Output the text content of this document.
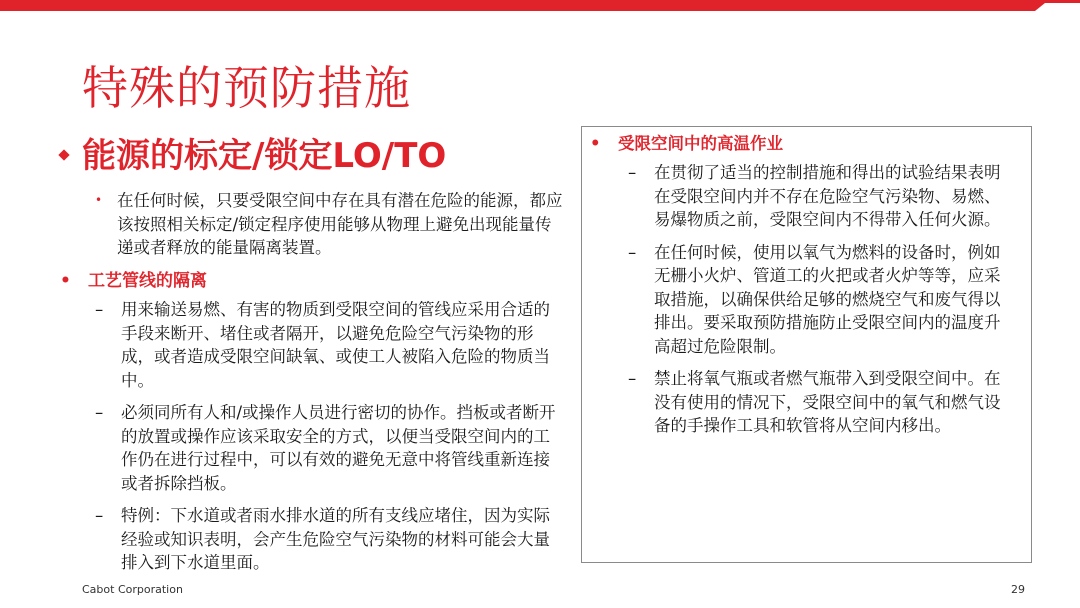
特殊的预防措施
能源的标定/锁定LO/TO
• 在任何时候，只要受限空间中存在具有潜在危险的能源，都应该按照相关标定/锁定程序使用能够从物理上避免出现能量传递或者释放的能量隔离装置。
• 工艺管线的隔离
– 用来输送易燃、有害的物质到受限空间的管线应采用合适的手段来断开、堵住或者隔开，以避免危险空气污染物的形成，或者造成受限空间缺氧、或使工人被陷入危险的物质当中。
– 必须同所有人和/或操作人员进行密切的协作。挡板或者断开的放置或操作应该采取安全的方式，以便当受限空间内的工作仍在进行过程中，可以有效的避免无意中将管线重新连接或者拆除挡板。
– 特例：下水道或者雨水排水道的所有支线应堵住，因为实际经验或知识表明，会产生危险空气污染物的材料可能会大量排入到下水道里面。
• 受限空间中的高温作业
– 在贯彻了适当的控制措施和得出的试验结果表明在受限空间内并不存在危险空气污染物、易燃、易爆物质之前，受限空间内不得带入任何火源。
– 在任何时候，使用以氧气为燃料的设备时，例如无栅小火炉、管道工的火把或者火炉等等，应采取措施，以确保供给足够的燃烧空气和废气得以排出。要采取预防措施防止受限空间内的温度升高超过危险限制。
– 禁止将氧气瓶或者燃气瓶带入到受限空间中。在没有使用的情况下，受限空间中的氧气和燃气设备的手操作工具和软管将从空间内移出。
Cabot Corporation	29
